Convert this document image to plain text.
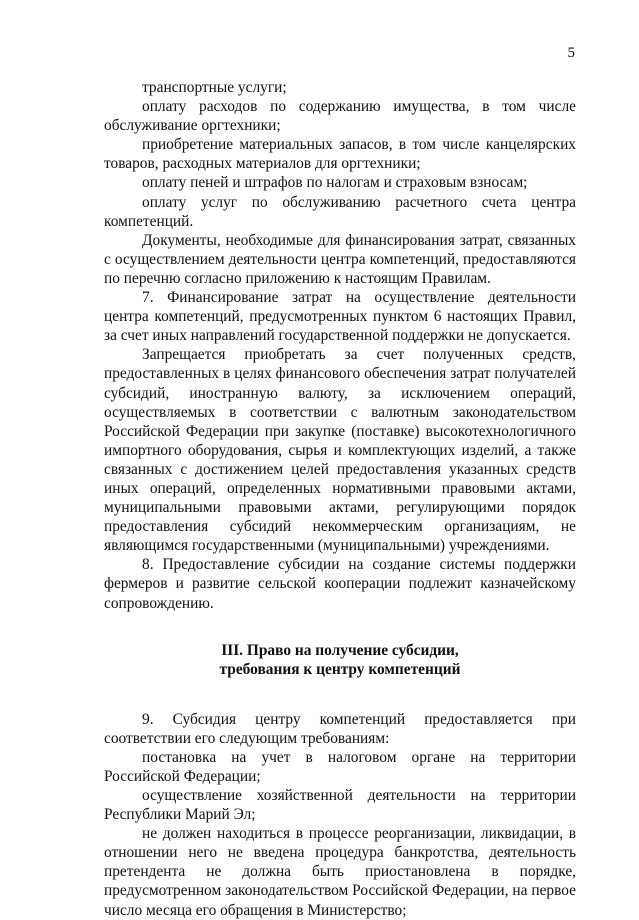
5

транспортные услуги;

оплату расходов по содержанию имущества, в том числе обслуживание оргтехники;

приобретение материальных запасов, в том числе канцелярских товаров, расходных материалов для оргтехники;

оплату пеней и штрафов по налогам и страховым взносам;

оплату услуг по обслуживанию расчетного счета центра компетенций.

Документы, необходимые для финансирования затрат, связанных с осуществлением деятельности центра компетенций, предоставляются по перечню согласно приложению к настоящим Правилам.

7. Финансирование затрат на осуществление деятельности центра компетенций, предусмотренных пунктом 6 настоящих Правил, за счет иных направлений государственной поддержки не допускается.

Запрещается приобретать за счет полученных средств, предоставленных в целях финансового обеспечения затрат получателей субсидий, иностранную валюту, за исключением операций, осуществляемых в соответствии с валютным законодательством Российской Федерации при закупке (поставке) высокотехнологичного импортного оборудования, сырья и комплектующих изделий, а также связанных с достижением целей предоставления указанных средств иных операций, определенных нормативными правовыми актами, муниципальными правовыми актами, регулирующими порядок предоставления субсидий некоммерческим организациям, не являющимся государственными (муниципальными) учреждениями.

8. Предоставление субсидии на создание системы поддержки фермеров и развитие сельской кооперации подлежит казначейскому сопровождению.

III. Право на получение субсидии,
требования к центру компетенций

9. Субсидия центру компетенций предоставляется при соответствии его следующим требованиям:

постановка на учет в налоговом органе на территории Российской Федерации;

осуществление хозяйственной деятельности на территории Республики Марий Эл;

не должен находиться в процессе реорганизации, ликвидации, в отношении него не введена процедура банкротства, деятельность претендента не должна быть приостановлена в порядке, предусмотренном законодательством Российской Федерации, на первое число месяца его обращения в Министерство;
